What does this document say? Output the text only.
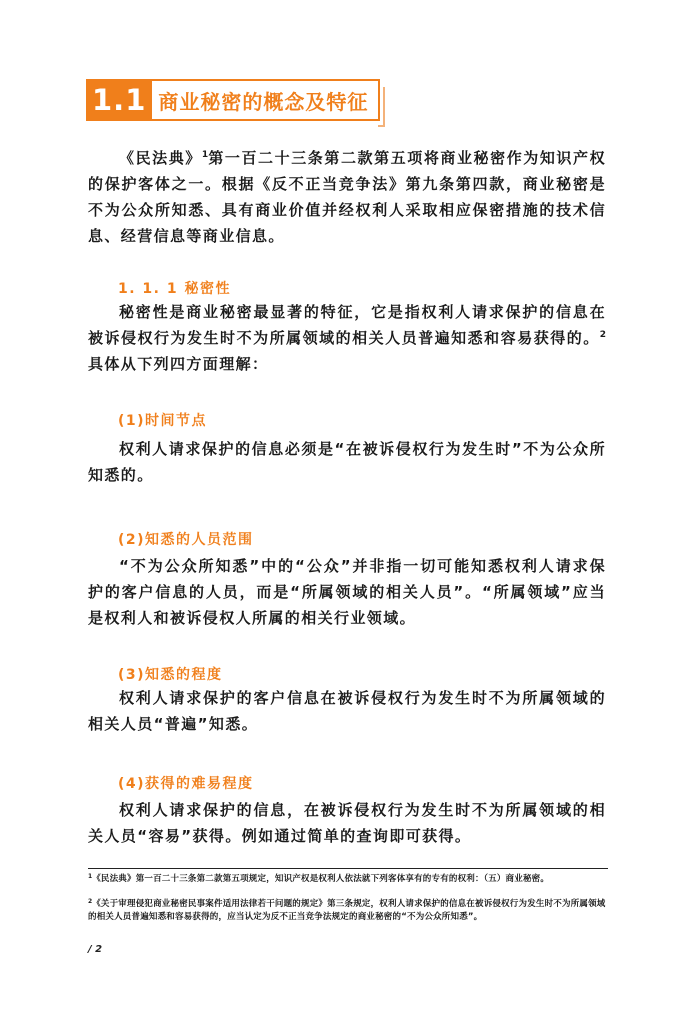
1.1 商业秘密的概念及特征

《民法典》$^1$第一百二十三条第二款第五项将商业秘密作为知识产权的保护客体之一。根据《反不正当竞争法》第九条第四款，商业秘密是不为公众所知悉、具有商业价值并经权利人采取相应保密措施的技术信息、经营信息等商业信息。

1. 1. 1 秘密性

秘密性是商业秘密最显著的特征，它是指权利人请求保护的信息在被诉侵权行为发生时不为所属领域的相关人员普遍知悉和容易获得的。$^2$具体从下列四方面理解：

(1)时间节点

权利人请求保护的信息必须是“在被诉侵权行为发生时”不为公众所知悉的。

(2)知悉的人员范围

“不为公众所知悉”中的“公众”并非指一切可能知悉权利人请求保护的客户信息的人员，而是“所属领域的相关人员”。“所属领域”应当是权利人和被诉侵权人所属的相关行业领域。

(3)知悉的程度

权利人请求保护的客户信息在被诉侵权行为发生时不为所属领域的相关人员“普遍”知悉。

(4)获得的难易程度

权利人请求保护的信息，在被诉侵权行为发生时不为所属领域的相关人员“容易”获得。例如通过简单的查询即可获得。

$^1$《民法典》第一百二十三条第二款第五项规定，知识产权是权利人依法就下列客体享有的专有的权利：（五）商业秘密。

$^2$《关于审理侵犯商业秘密民事案件适用法律若干问题的规定》第三条规定，权利人请求保护的信息在被诉侵权行为发生时不为所属领域的相关人员普遍知悉和容易获得的，应当认定为反不正当竞争法规定的商业秘密的“不为公众所知悉”。

/ 2
